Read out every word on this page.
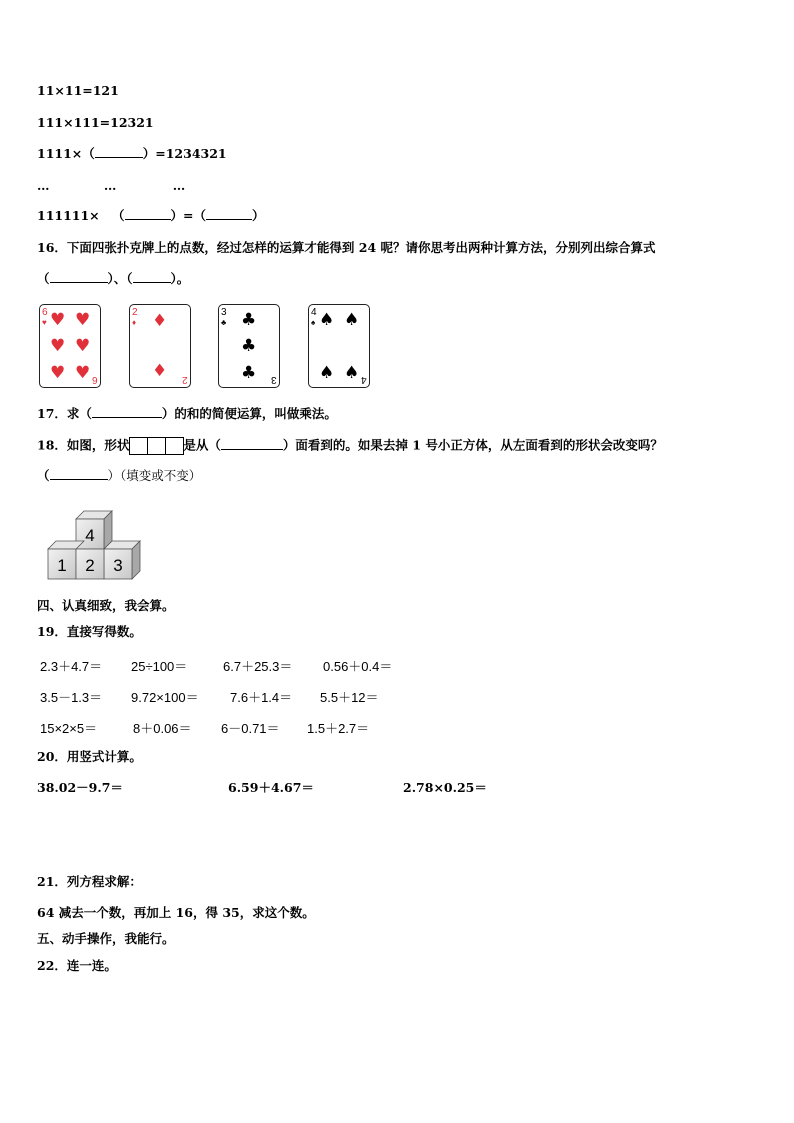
11×11=121
111×111=12321
1111×（	）=1234321
…	…	…
111111× （	）=（	）
16．下面四张扑克牌上的点数，经过怎样的运算才能得到 24 呢？请你思考出两种计算方法，分别列出综合算式
（	）、（	）。
6
♥ ♥ ♥
♥ ♥
♥ ♥ 6
2
♦ ♦
♦ 2
3
♣ ♣
♣
♣ 3
4
♠ ♠ ♠
♠ ♠ 4
17．求（	）的和的简便运算，叫做乘法。
18．如图，形状	是从（	）面看到的。如果去掉 1 号小正方体，从左面看到的形状会改变吗？
（	）（填变或不变）
4
1 2 3
四、认真细致，我会算。
19．直接写得数。
2.3＋4.7＝ 25÷100＝	6.7＋25.3＝ 0.56＋0.4＝
3.5－1.3＝ 9.72×100＝ 7.6＋1.4＝ 5.5＋12＝
15×2×5＝	8＋0.06＝ 6－0.71＝ 1.5＋2.7＝
20．用竖式计算。
38.02－9.7＝	6.59＋4.67＝	2.78×0.25＝
21．列方程求解：
64 减去一个数，再加上 16，得 35，求这个数。
五、动手操作，我能行。
22．连一连。
